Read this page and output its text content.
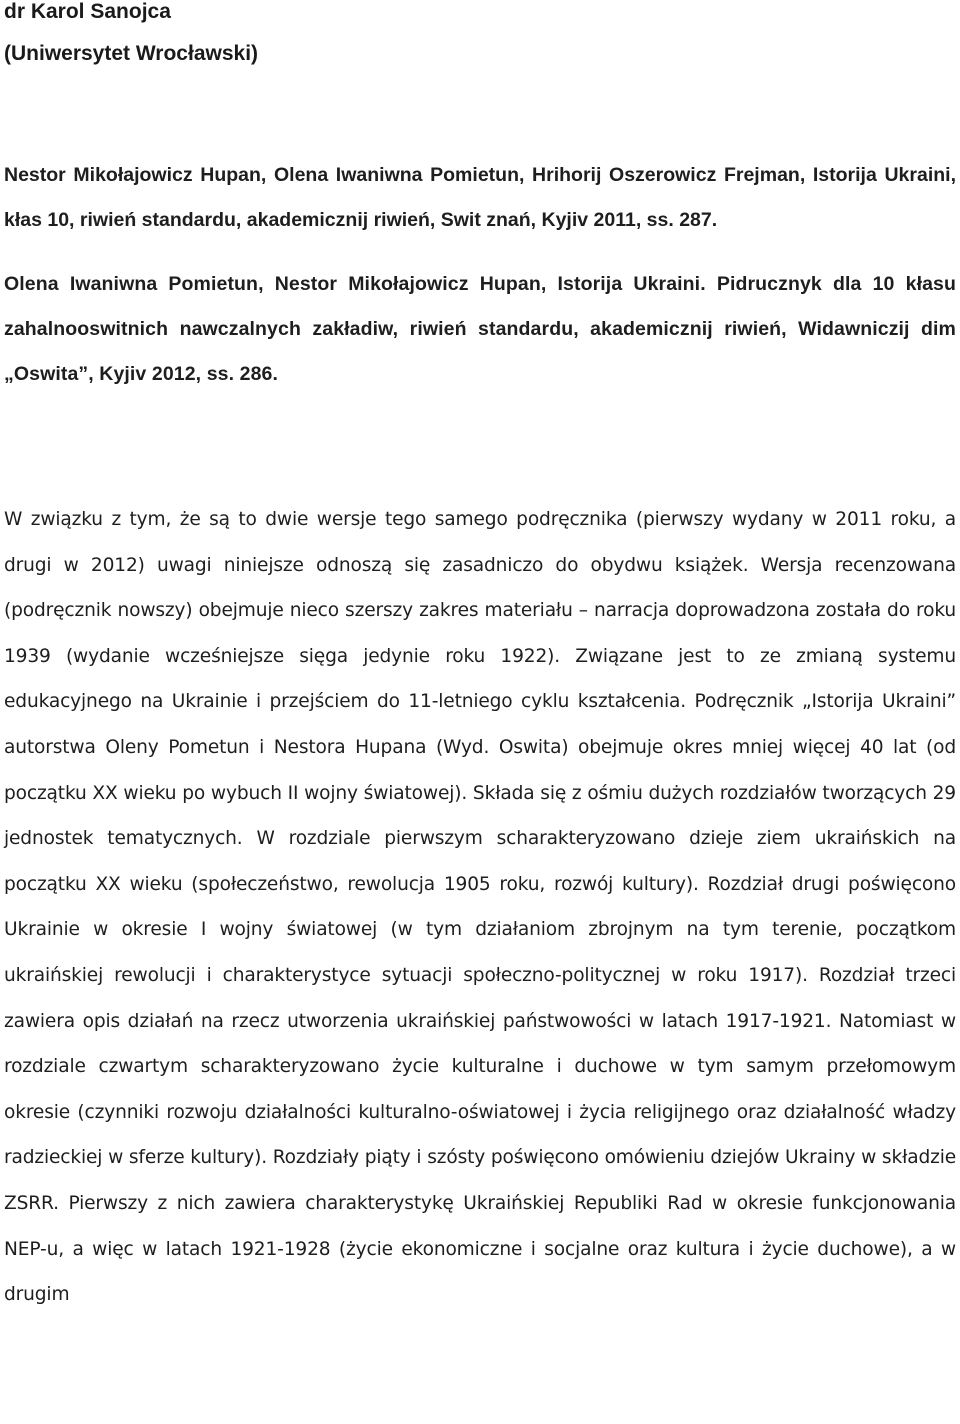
dr Karol Sanojca

(Uniwersytet Wrocławski)

Nestor Mikołajowicz Hupan, Olena Iwaniwna Pomietun, Hrihorij Oszerowicz Frejman, Istorija Ukraini, kłas 10, riwień standardu, akademicznij riwień, Swit znań, Kyjiv 2011, ss. 287.

Olena Iwaniwna Pomietun, Nestor Mikołajowicz Hupan, Istorija Ukraini. Pidrucznyk dla 10 kłasu zahalnooswitnich nawczalnych zakładiw, riwień standardu, akademicznij riwień, Widawniczij dim „Oswita”, Kyjiv 2012, ss. 286.

W związku z tym, że są to dwie wersje tego samego podręcznika (pierwszy wydany w 2011 roku, a drugi w 2012) uwagi niniejsze odnoszą się zasadniczo do obydwu książek. Wersja recenzowana (podręcznik nowszy) obejmuje nieco szerszy zakres materiału – narracja doprowadzona została do roku 1939 (wydanie wcześniejsze sięga jedynie roku 1922). Związane jest to ze zmianą systemu edukacyjnego na Ukrainie i przejściem do 11-letniego cyklu kształcenia. Podręcznik „Istorija Ukraini” autorstwa Oleny Pometun i Nestora Hupana (Wyd. Oswita) obejmuje okres mniej więcej 40 lat (od początku XX wieku po wybuch II wojny światowej). Składa się z ośmiu dużych rozdziałów tworzących 29 jednostek tematycznych. W rozdziale pierwszym scharakteryzowano dzieje ziem ukraińskich na początku XX wieku (społeczeństwo, rewolucja 1905 roku, rozwój kultury). Rozdział drugi poświęcono Ukrainie w okresie I wojny światowej (w tym działaniom zbrojnym na tym terenie, początkom ukraińskiej rewolucji i charakterystyce sytuacji społeczno-politycznej w roku 1917). Rozdział trzeci zawiera opis działań na rzecz utworzenia ukraińskiej państwowości w latach 1917-1921. Natomiast w rozdziale czwartym scharakteryzowano życie kulturalne i duchowe w tym samym przełomowym okresie (czynniki rozwoju działalności kulturalno-oświatowej i życia religijnego oraz działalność władzy radzieckiej w sferze kultury). Rozdziały piąty i szósty poświęcono omówieniu dziejów Ukrainy w składzie ZSRR. Pierwszy z nich zawiera charakterystykę Ukraińskiej Republiki Rad w okresie funkcjonowania NEP-u, a więc w latach 1921-1928 (życie ekonomiczne i socjalne oraz kultura i życie duchowe), a w drugim
